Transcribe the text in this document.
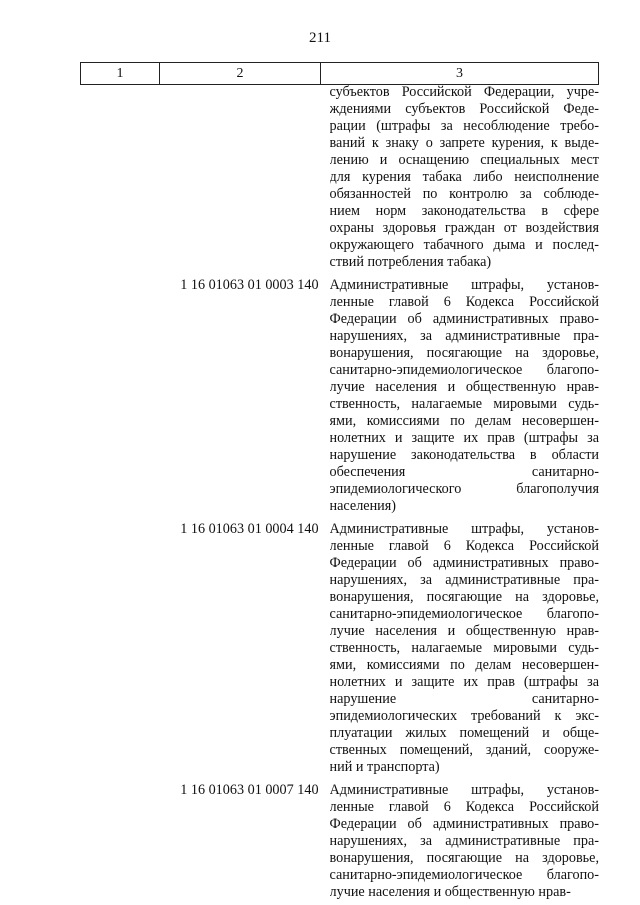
211
1	2	3
субъектов Российской Федерации, учре-
ждениями субъектов Российской Феде-
рации (штрафы за несоблюдение требо-
ваний к знаку о запрете курения, к выде-
лению и оснащению специальных мест
для курения табака либо неисполнение
обязанностей по контролю за соблюде-
нием норм законодательства в сфере
охраны здоровья граждан от воздействия
окружающего табачного дыма и послед-
ствий потребления табака)
1 16 01063 01 0003 140 Административные штрафы, установ-
ленные главой 6 Кодекса Российской
Федерации об административных право-
нарушениях, за административные пра-
вонарушения, посягающие на здоровье,
санитарно-эпидемиологическое благопо-
лучие населения и общественную нрав-
ственность, налагаемые мировыми судь-
ями, комиссиями по делам несовершен-
нолетних и защите их прав (штрафы за
нарушение законодательства в области
обеспечения санитарно-
эпидемиологического благополучия
населения)
1 16 01063 01 0004 140 Административные штрафы, установ-
ленные главой 6 Кодекса Российской
Федерации об административных право-
нарушениях, за административные пра-
вонарушения, посягающие на здоровье,
санитарно-эпидемиологическое благопо-
лучие населения и общественную нрав-
ственность, налагаемые мировыми судь-
ями, комиссиями по делам несовершен-
нолетних и защите их прав (штрафы за
нарушение санитарно-
эпидемиологических требований к экс-
плуатации жилых помещений и обще-
ственных помещений, зданий, сооруже-
ний и транспорта)
1 16 01063 01 0007 140 Административные штрафы, установ-
ленные главой 6 Кодекса Российской
Федерации об административных право-
нарушениях, за административные пра-
вонарушения, посягающие на здоровье,
санитарно-эпидемиологическое благопо-
лучие населения и общественную нрав-
